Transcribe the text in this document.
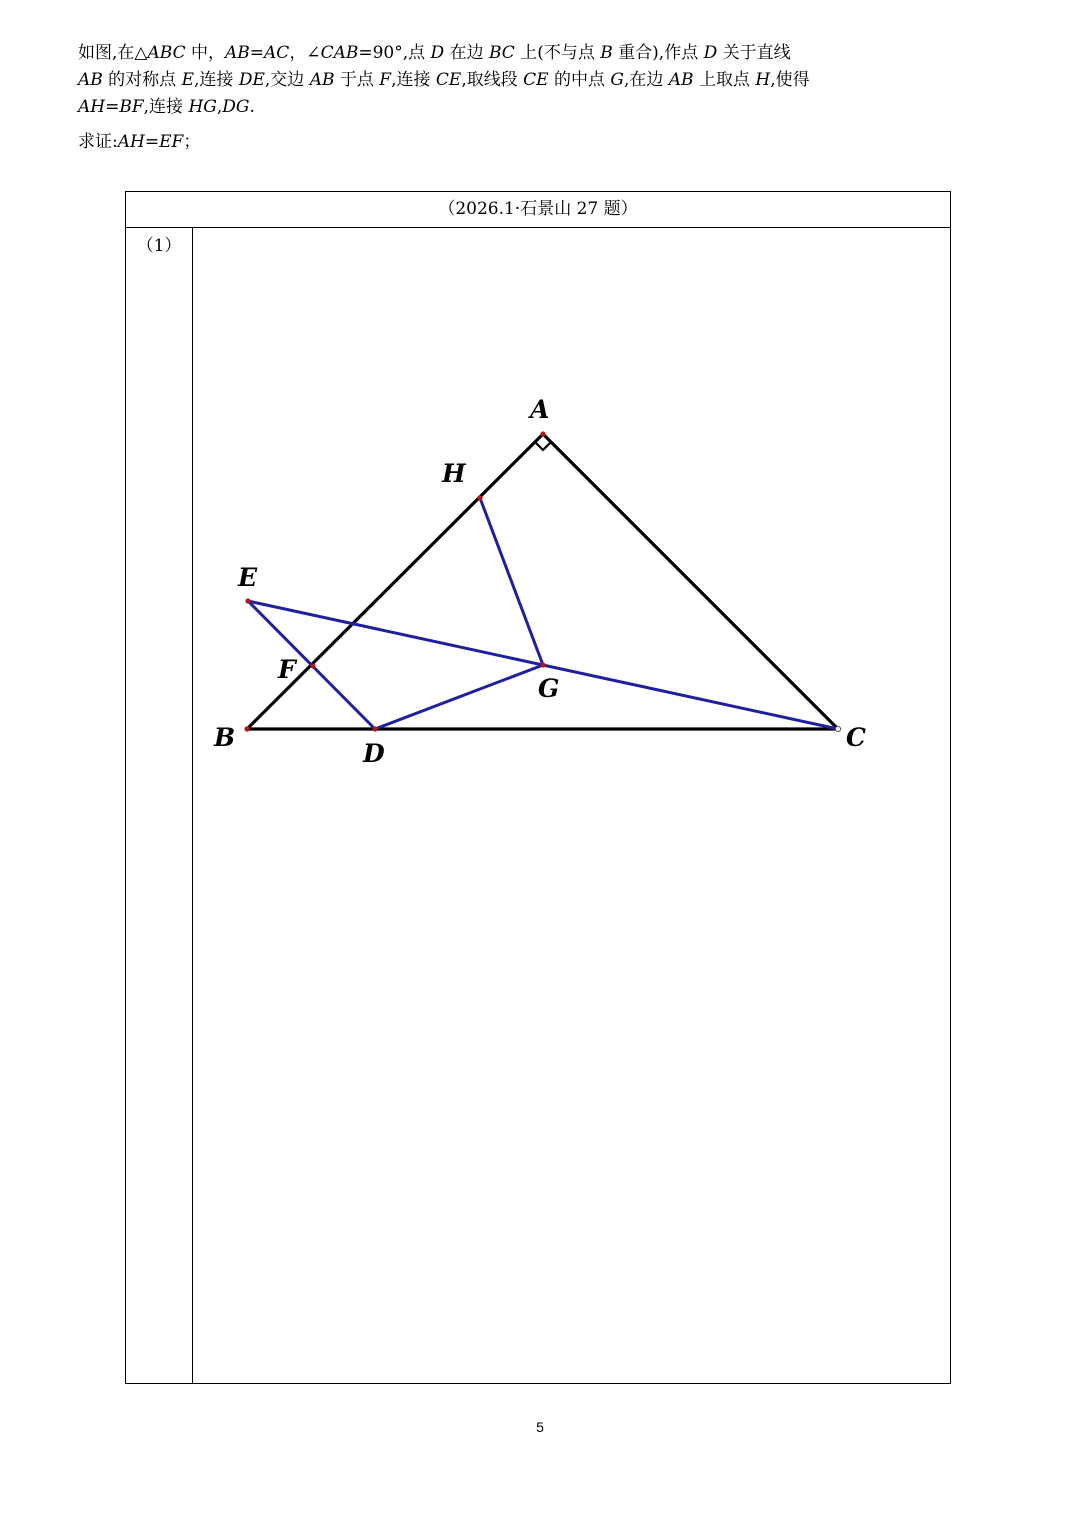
（2026.1·石景山 27 题）
（1）

如图,在△ABC 中，AB=AC，∠CAB=90°,点 D 在边 BC 上(不与点 B 重合),作点 D 关于直线 AB 的对称点 E,连接 DE,交边 AB 于点 F,连接 CE,取线段 CE 的中点 G,在边 AB 上取点 H,使得 AH=BF,连接 HG,DG.

求证:AH=EF；

A
H
E
F
G
B
D
C
5
